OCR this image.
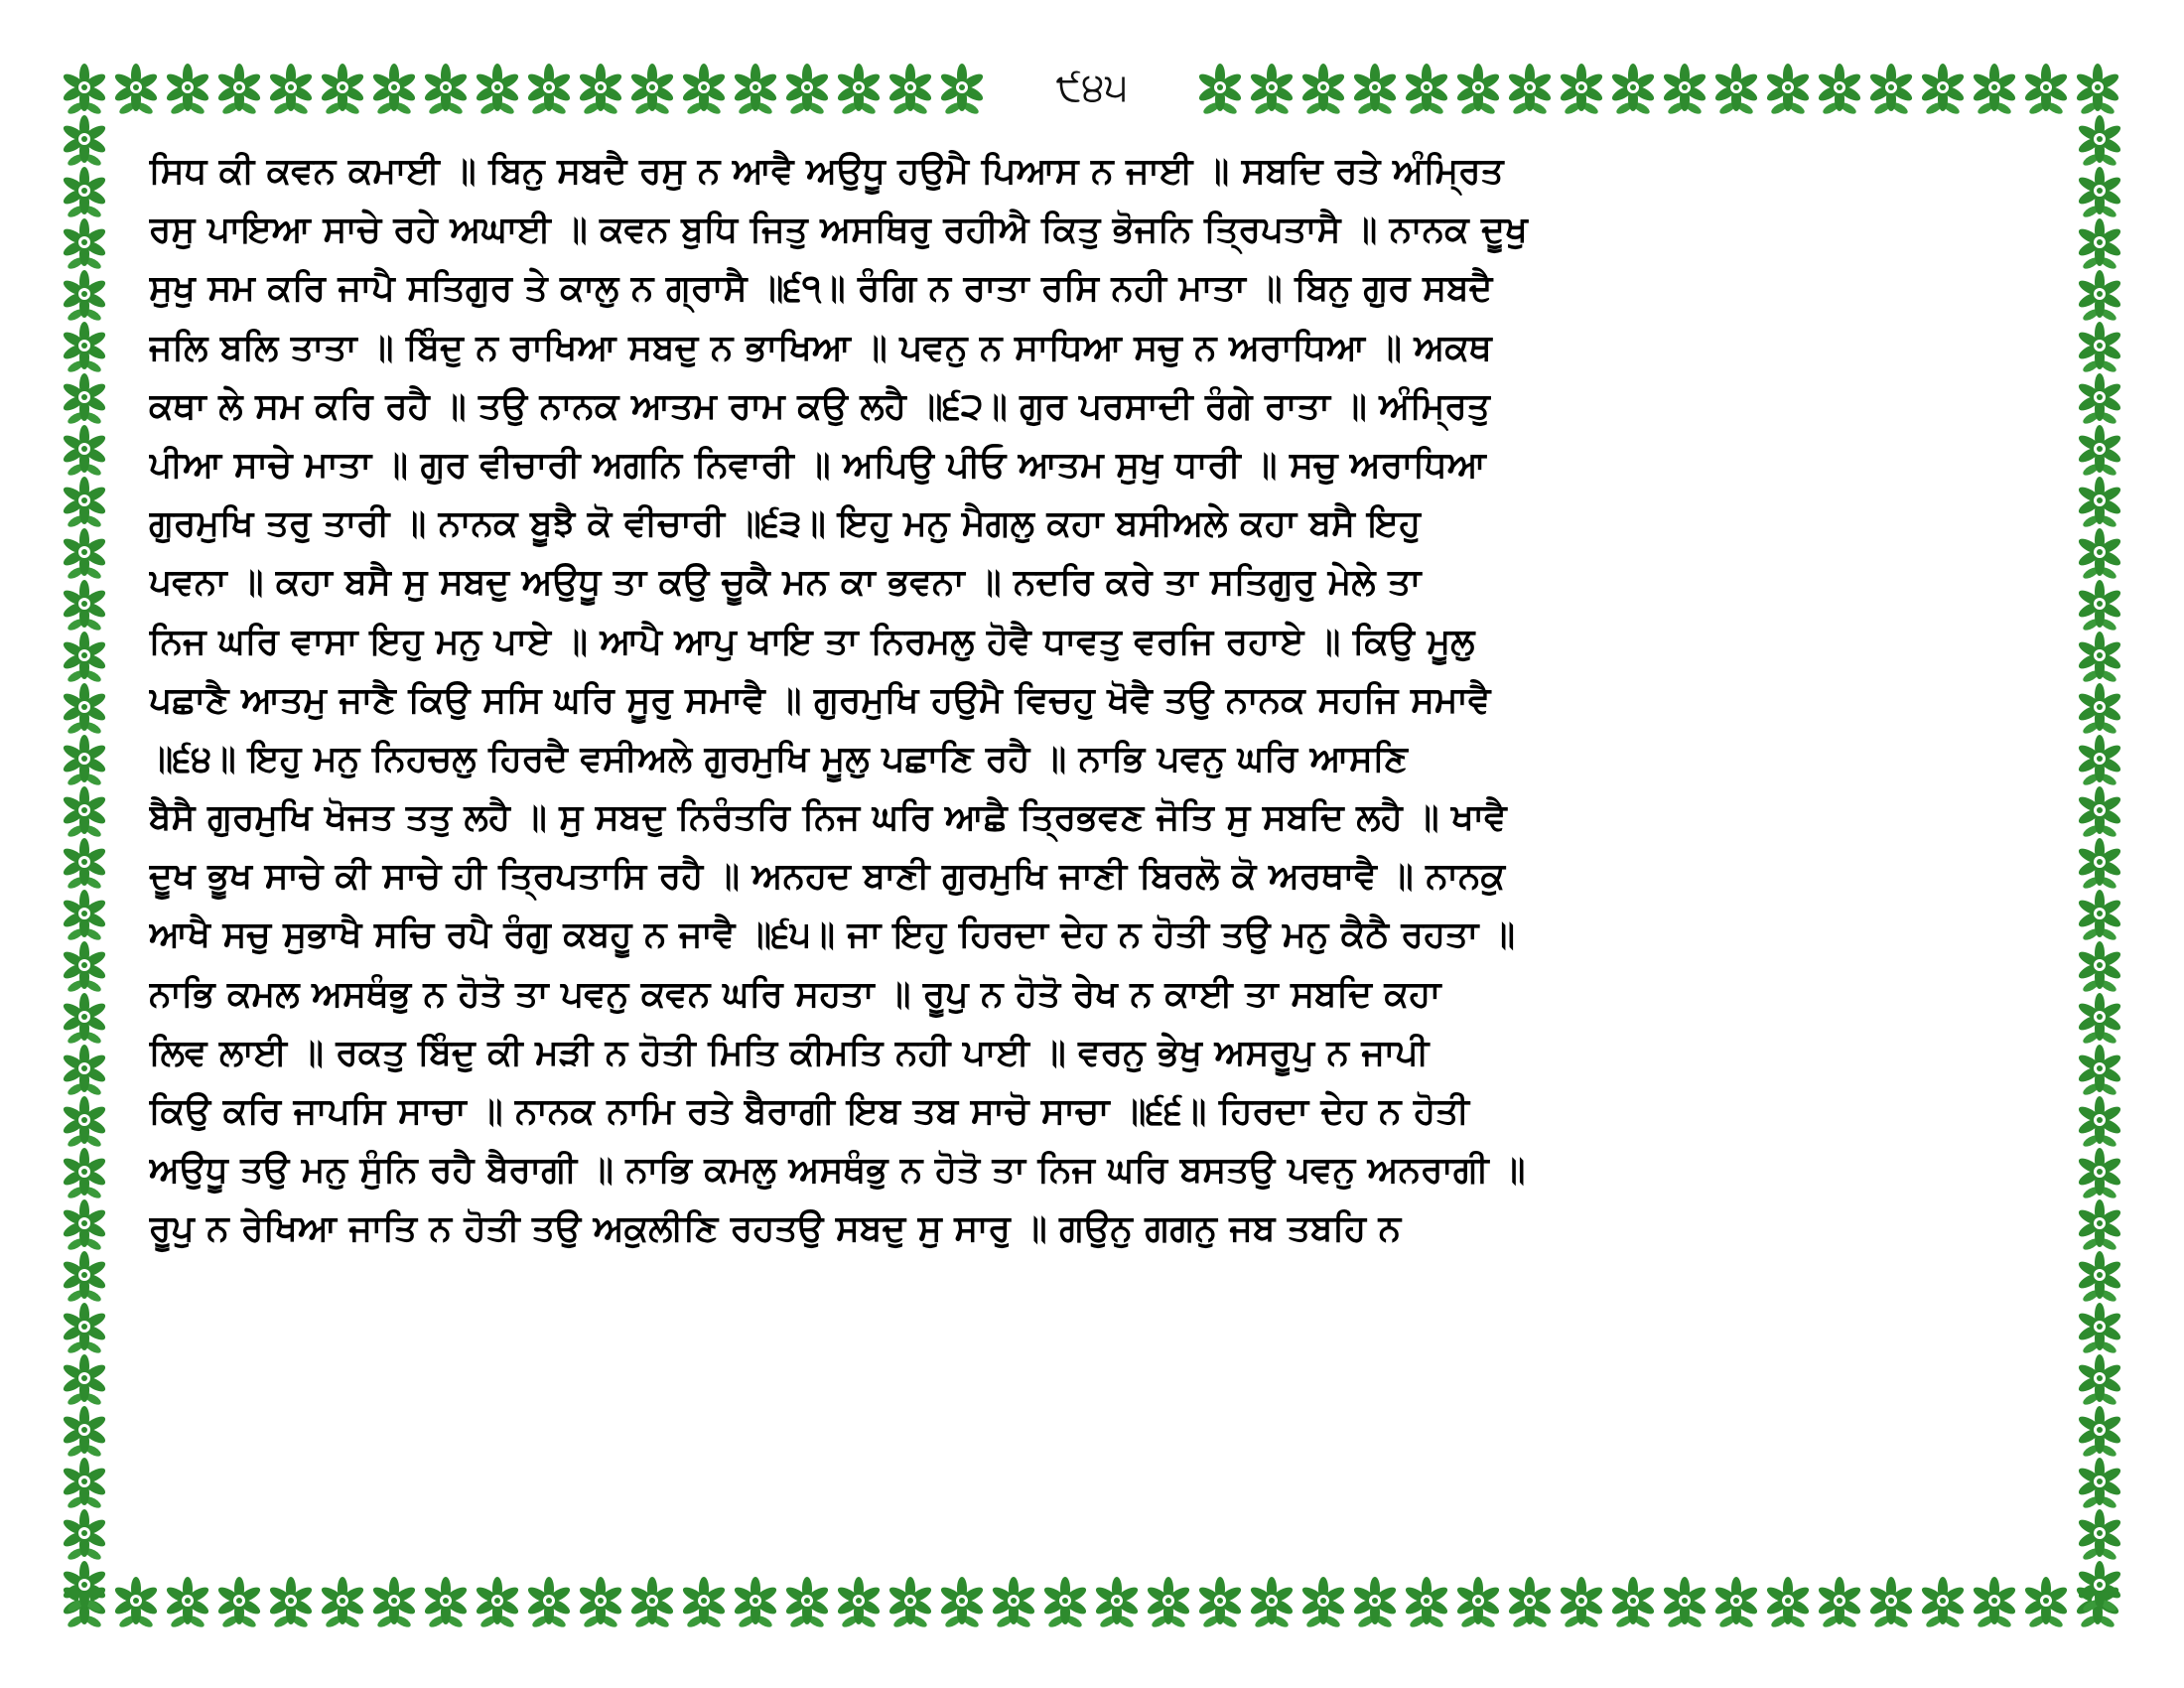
੯੪੫
ਸਿਧ ਕੀ ਕਵਨ ਕਮਾਈ ॥ ਬਿਨੁ ਸਬਦੈ ਰਸੁ ਨ ਆਵੈ ਅਉਧੂ ਹਉਮੈ ਪਿਆਸ ਨ ਜਾਈ ॥ ਸਬਦਿ ਰਤੇ ਅੰਮ੍ਰਿਤ
ਰਸੁ ਪਾਇਆ ਸਾਚੇ ਰਹੇ ਅਘਾਈ ॥ ਕਵਨ ਬੁਧਿ ਜਿਤੁ ਅਸਥਿਰੁ ਰਹੀਐ ਕਿਤੁ ਭੋਜਨਿ ਤ੍ਰਿਪਤਾਸੈ ॥ ਨਾਨਕ ਦੂਖੁ
ਸੁਖੁ ਸਮ ਕਰਿ ਜਾਪੈ ਸਤਿਗੁਰ ਤੇ ਕਾਲੁ ਨ ਗ੍ਰਾਸੈ ॥੬੧॥ ਰੰਗਿ ਨ ਰਾਤਾ ਰਸਿ ਨਹੀ ਮਾਤਾ ॥ ਬਿਨੁ ਗੁਰ ਸਬਦੈ
ਜਲਿ ਬਲਿ ਤਾਤਾ ॥ ਬਿੰਦੁ ਨ ਰਾਖਿਆ ਸਬਦੁ ਨ ਭਾਖਿਆ ॥ ਪਵਨੁ ਨ ਸਾਧਿਆ ਸਚੁ ਨ ਅਰਾਧਿਆ ॥ ਅਕਥ
ਕਥਾ ਲੇ ਸਮ ਕਰਿ ਰਹੈ ॥ ਤਉ ਨਾਨਕ ਆਤਮ ਰਾਮ ਕਉ ਲਹੈ ॥੬੨॥ ਗੁਰ ਪਰਸਾਦੀ ਰੰਗੇ ਰਾਤਾ ॥ ਅੰਮ੍ਰਿਤੁ
ਪੀਆ ਸਾਚੇ ਮਾਤਾ ॥ ਗੁਰ ਵੀਚਾਰੀ ਅਗਨਿ ਨਿਵਾਰੀ ॥ ਅਪਿਉ ਪੀਓ ਆਤਮ ਸੁਖੁ ਧਾਰੀ ॥ ਸਚੁ ਅਰਾਧਿਆ
ਗੁਰਮੁਖਿ ਤਰੁ ਤਾਰੀ ॥ ਨਾਨਕ ਬੂਝੈ ਕੋ ਵੀਚਾਰੀ ॥੬੩॥ ਇਹੁ ਮਨੁ ਮੈਗਲੁ ਕਹਾ ਬਸੀਅਲੇ ਕਹਾ ਬਸੈ ਇਹੁ
ਪਵਨਾ ॥ ਕਹਾ ਬਸੈ ਸੁ ਸਬਦੁ ਅਉਧੂ ਤਾ ਕਉ ਚੂਕੈ ਮਨ ਕਾ ਭਵਨਾ ॥ ਨਦਰਿ ਕਰੇ ਤਾ ਸਤਿਗੁਰੁ ਮੇਲੇ ਤਾ
ਨਿਜ ਘਰਿ ਵਾਸਾ ਇਹੁ ਮਨੁ ਪਾਏ ॥ ਆਪੈ ਆਪੁ ਖਾਇ ਤਾ ਨਿਰਮਲੁ ਹੋਵੈ ਧਾਵਤੁ ਵਰਜਿ ਰਹਾਏ ॥ ਕਿਉ ਮੂਲੁ
ਪਛਾਣੈ ਆਤਮੁ ਜਾਣੈ ਕਿਉ ਸਸਿ ਘਰਿ ਸੂਰੁ ਸਮਾਵੈ ॥ ਗੁਰਮੁਖਿ ਹਉਮੈ ਵਿਚਹੁ ਖੋਵੈ ਤਉ ਨਾਨਕ ਸਹਜਿ ਸਮਾਵੈ
॥੬੪॥ ਇਹੁ ਮਨੁ ਨਿਹਚਲੁ ਹਿਰਦੈ ਵਸੀਅਲੇ ਗੁਰਮੁਖਿ ਮੂਲੁ ਪਛਾਣਿ ਰਹੈ ॥ ਨਾਭਿ ਪਵਨੁ ਘਰਿ ਆਸਣਿ
ਬੈਸੈ ਗੁਰਮੁਖਿ ਖੋਜਤ ਤਤੁ ਲਹੈ ॥ ਸੁ ਸਬਦੁ ਨਿਰੰਤਰਿ ਨਿਜ ਘਰਿ ਆਛੈ ਤ੍ਰਿਭਵਣ ਜੋਤਿ ਸੁ ਸਬਦਿ ਲਹੈ ॥ ਖਾਵੈ
ਦੂਖ ਭੂਖ ਸਾਚੇ ਕੀ ਸਾਚੇ ਹੀ ਤ੍ਰਿਪਤਾਸਿ ਰਹੈ ॥ ਅਨਹਦ ਬਾਣੀ ਗੁਰਮੁਖਿ ਜਾਣੀ ਬਿਰਲੋ ਕੋ ਅਰਥਾਵੈ ॥ ਨਾਨਕੁ
ਆਖੈ ਸਚੁ ਸੁਭਾਖੈ ਸਚਿ ਰਪੈ ਰੰਗੁ ਕਬਹੂ ਨ ਜਾਵੈ ॥੬੫॥ ਜਾ ਇਹੁ ਹਿਰਦਾ ਦੇਹ ਨ ਹੋਤੀ ਤਉ ਮਨੁ ਕੈਠੈ ਰਹਤਾ ॥
ਨਾਭਿ ਕਮਲ ਅਸਥੰਭੁ ਨ ਹੋਤੋ ਤਾ ਪਵਨੁ ਕਵਨ ਘਰਿ ਸਹਤਾ ॥ ਰੂਪੁ ਨ ਹੋਤੋ ਰੇਖ ਨ ਕਾਈ ਤਾ ਸਬਦਿ ਕਹਾ
ਲਿਵ ਲਾਈ ॥ ਰਕਤੁ ਬਿੰਦੁ ਕੀ ਮੜੀ ਨ ਹੋਤੀ ਮਿਤਿ ਕੀਮਤਿ ਨਹੀ ਪਾਈ ॥ ਵਰਨੁ ਭੇਖੁ ਅਸਰੂਪੁ ਨ ਜਾਪੀ
ਕਿਉ ਕਰਿ ਜਾਪਸਿ ਸਾਚਾ ॥ ਨਾਨਕ ਨਾਮਿ ਰਤੇ ਬੈਰਾਗੀ ਇਬ ਤਬ ਸਾਚੋ ਸਾਚਾ ॥੬੬॥ ਹਿਰਦਾ ਦੇਹ ਨ ਹੋਤੀ
ਅਉਧੂ ਤਉ ਮਨੁ ਸੁੰਨਿ ਰਹੈ ਬੈਰਾਗੀ ॥ ਨਾਭਿ ਕਮਲੁ ਅਸਥੰਭੁ ਨ ਹੋਤੋ ਤਾ ਨਿਜ ਘਰਿ ਬਸਤਉ ਪਵਨੁ ਅਨਰਾਗੀ ॥
ਰੂਪੁ ਨ ਰੇਖਿਆ ਜਾਤਿ ਨ ਹੋਤੀ ਤਉ ਅਕੁਲੀਣਿ ਰਹਤਉ ਸਬਦੁ ਸੁ ਸਾਰੁ ॥ ਗਉਨੁ ਗਗਨੁ ਜਬ ਤਬਹਿ ਨ
